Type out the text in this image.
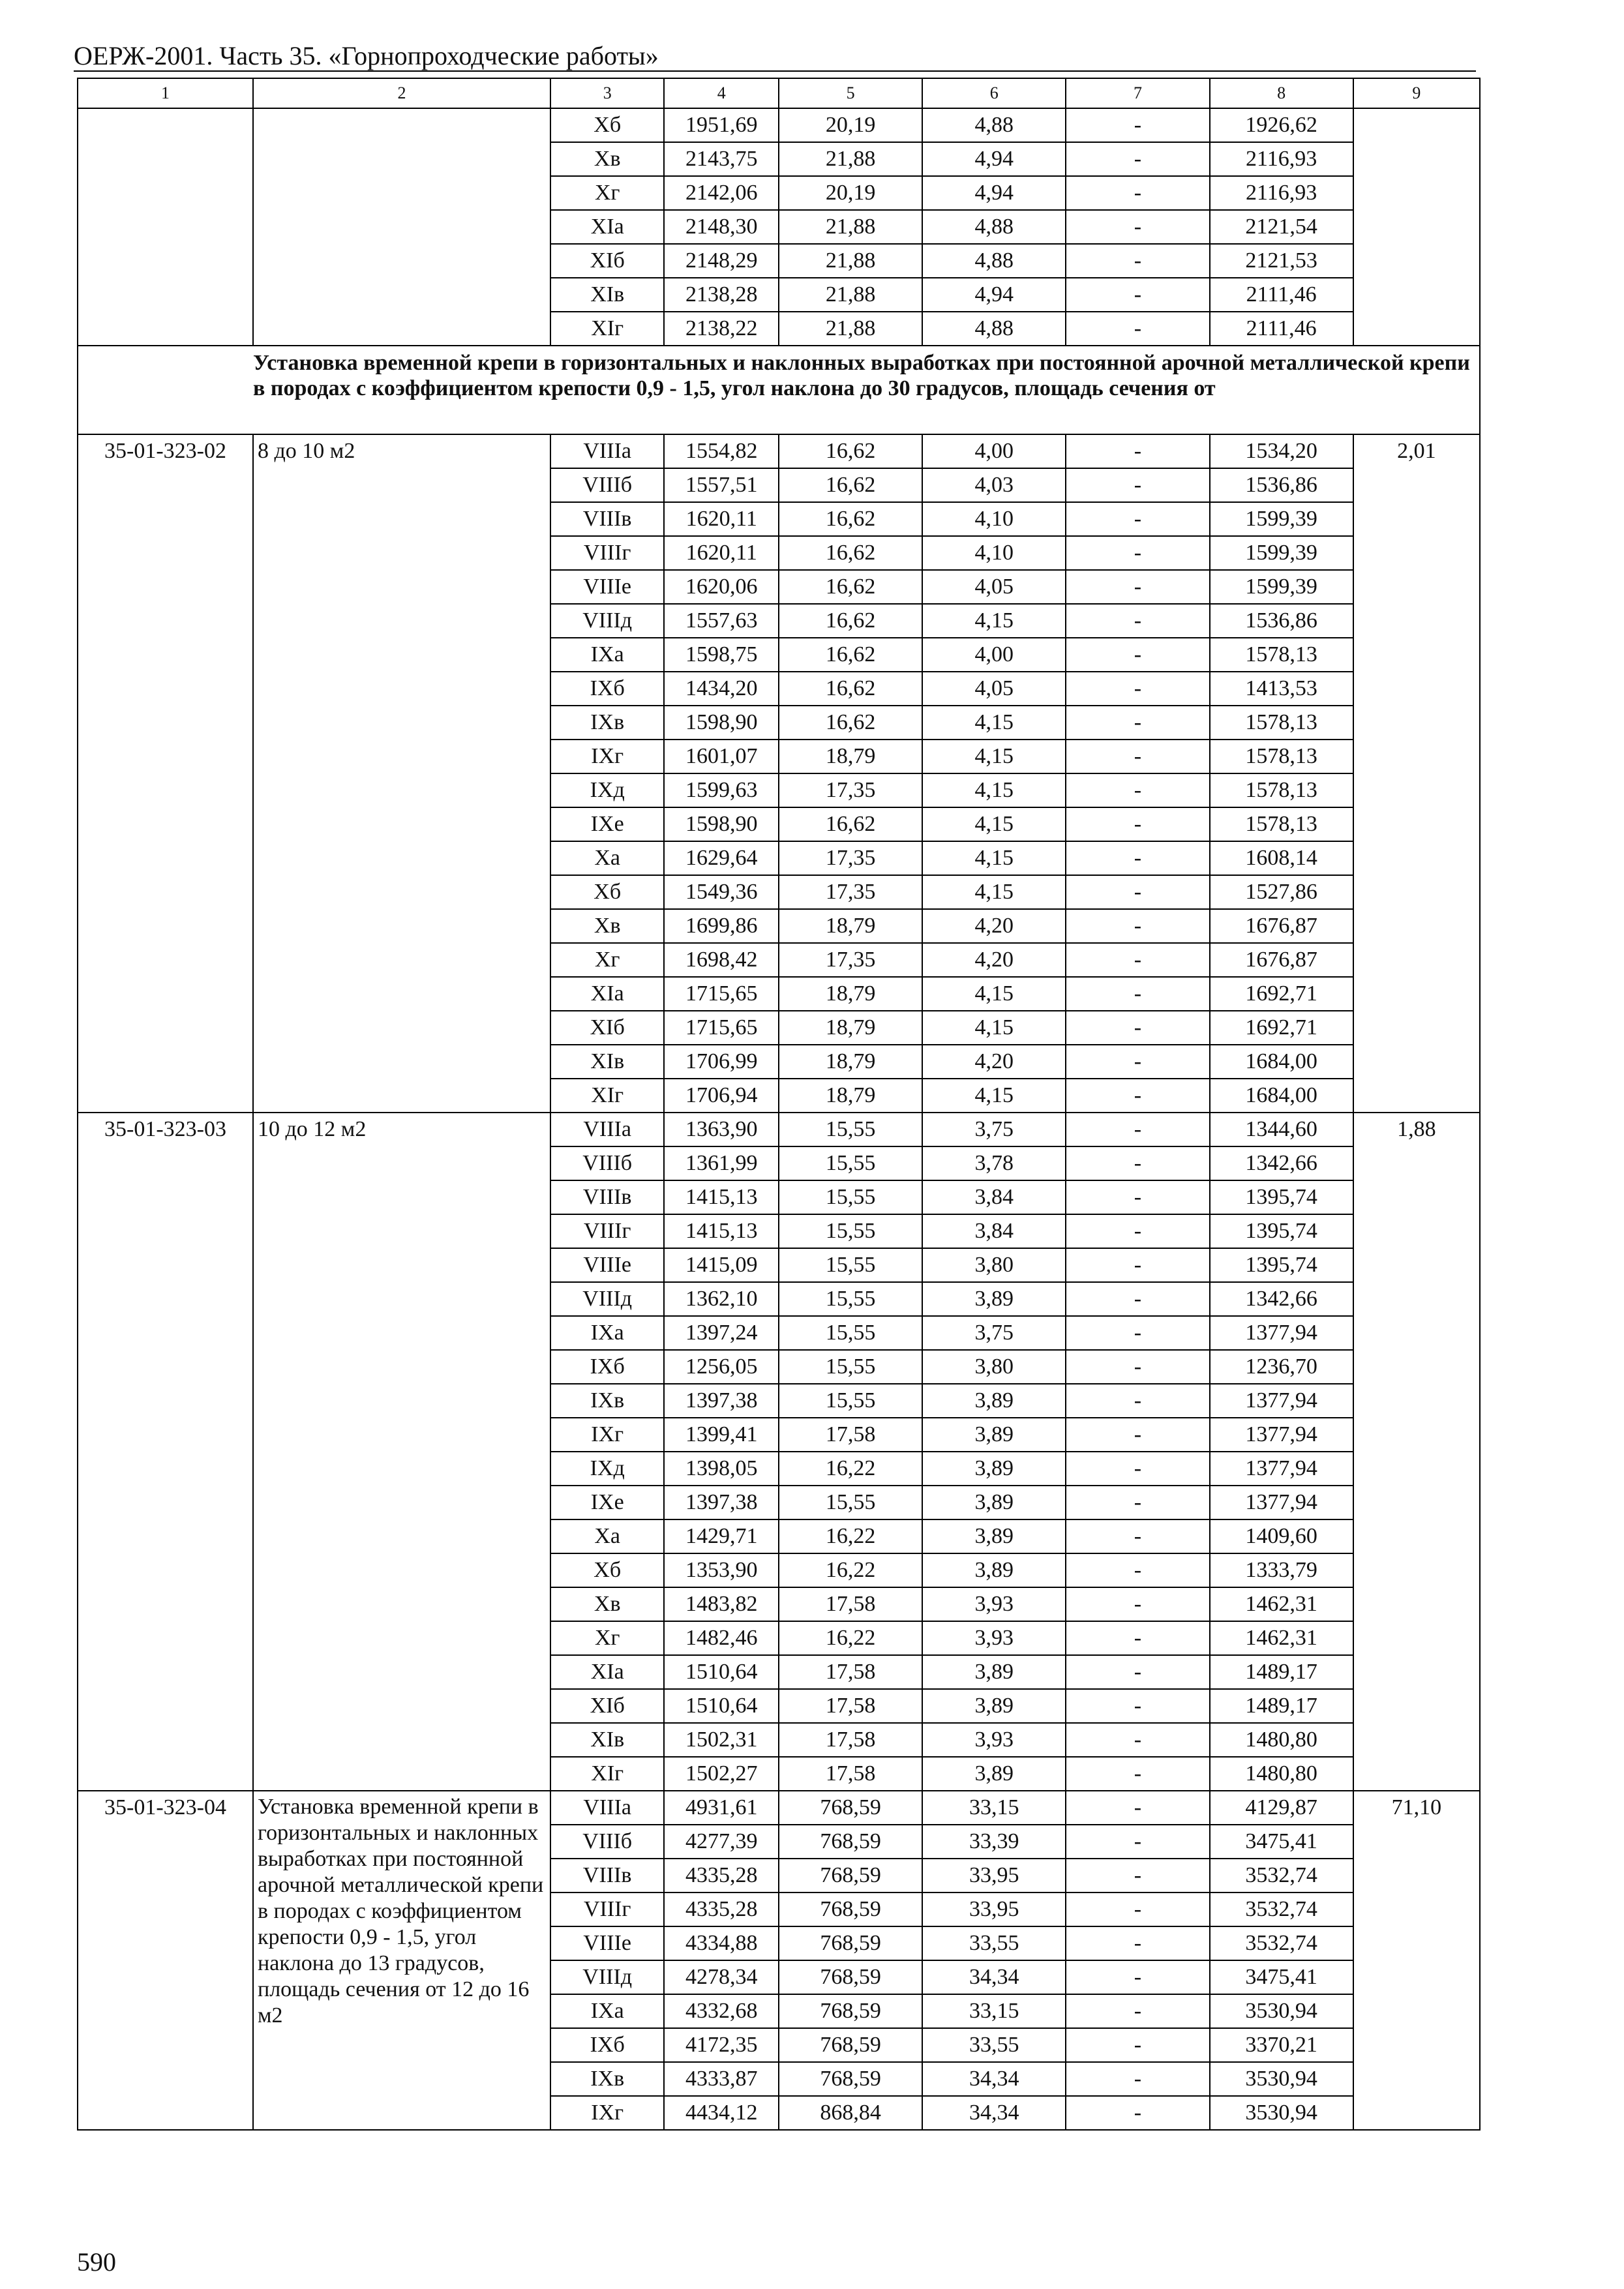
ОЕРЖ-2001. Часть 35. «Горнопроходческие работы»
1	2	3	4	5	6	7	8	9
		Хб	1951,69	20,19	4,88	-	1926,62	
		Хв	2143,75	21,88	4,94	-	2116,93	
		Хг	2142,06	20,19	4,94	-	2116,93	
		ХIа	2148,30	21,88	4,88	-	2121,54	
		ХIб	2148,29	21,88	4,88	-	2121,53	
		ХIв	2138,28	21,88	4,94	-	2111,46	
		ХIг	2138,22	21,88	4,88	-	2111,46	

Установка временной крепи в горизонтальных и наклонных выработках при постоянной арочной металлической крепи в породах с коэффициентом крепости 0,9 - 1,5, угол наклона до 30 градусов, площадь сечения от								

35-01-323-02	8 до 10 м2	VIIIа	1554,82	16,62	4,00	-	1534,20	2,01
		VIIIб	1557,51	16,62	4,03	-	1536,86	
		VIIIв	1620,11	16,62	4,10	-	1599,39	
		VIIIг	1620,11	16,62	4,10	-	1599,39	
		VIIIе	1620,06	16,62	4,05	-	1599,39	
		VIIIд	1557,63	16,62	4,15	-	1536,86	
		IХа	1598,75	16,62	4,00	-	1578,13	
		IХб	1434,20	16,62	4,05	-	1413,53	
		IХв	1598,90	16,62	4,15	-	1578,13	
		IХг	1601,07	18,79	4,15	-	1578,13	
		IХд	1599,63	17,35	4,15	-	1578,13	
		IХе	1598,90	16,62	4,15	-	1578,13	
		Ха	1629,64	17,35	4,15	-	1608,14	
		Хб	1549,36	17,35	4,15	-	1527,86	
		Хв	1699,86	18,79	4,20	-	1676,87	
		Хг	1698,42	17,35	4,20	-	1676,87	
		ХIа	1715,65	18,79	4,15	-	1692,71	
		ХIб	1715,65	18,79	4,15	-	1692,71	
		ХIв	1706,99	18,79	4,20	-	1684,00	
		ХIг	1706,94	18,79	4,15	-	1684,00	
35-01-323-03	10 до 12 м2	VIIIа	1363,90	15,55	3,75	-	1344,60	1,88
		VIIIб	1361,99	15,55	3,78	-	1342,66	
		VIIIв	1415,13	15,55	3,84	-	1395,74	
		VIIIг	1415,13	15,55	3,84	-	1395,74	
		VIIIе	1415,09	15,55	3,80	-	1395,74	
		VIIIд	1362,10	15,55	3,89	-	1342,66	
		IХа	1397,24	15,55	3,75	-	1377,94	
		IХб	1256,05	15,55	3,80	-	1236,70	
		IХв	1397,38	15,55	3,89	-	1377,94	
		IХг	1399,41	17,58	3,89	-	1377,94	
		IХд	1398,05	16,22	3,89	-	1377,94	
		IХе	1397,38	15,55	3,89	-	1377,94	
		Ха	1429,71	16,22	3,89	-	1409,60	
		Хб	1353,90	16,22	3,89	-	1333,79	
		Хв	1483,82	17,58	3,93	-	1462,31	
		Хг	1482,46	16,22	3,93	-	1462,31	
		ХIа	1510,64	17,58	3,89	-	1489,17	
		ХIб	1510,64	17,58	3,89	-	1489,17	
		ХIв	1502,31	17,58	3,93	-	1480,80	
		ХIг	1502,27	17,58	3,89	-	1480,80	
35-01-323-04	Установка временной крепи в горизонтальных и наклонных выработках при постоянной арочной металлической крепи в породах с коэффициентом крепости 0,9 - 1,5, угол наклона до 13 градусов, площадь сечения от 12 до 16 м2	VIIIа	4931,61	768,59	33,15	-	4129,87	71,10
		VIIIб	4277,39	768,59	33,39	-	3475,41	
		VIIIв	4335,28	768,59	33,95	-	3532,74	
		VIIIг	4335,28	768,59	33,95	-	3532,74	
		VIIIе	4334,88	768,59	33,55	-	3532,74	
		VIIIд	4278,34	768,59	34,34	-	3475,41	
		IХа	4332,68	768,59	33,15	-	3530,94	
		IХб	4172,35	768,59	33,55	-	3370,21	
		IХв	4333,87	768,59	34,34	-	3530,94	
		IХг	4434,12	868,84	34,34	-	3530,94	
590
